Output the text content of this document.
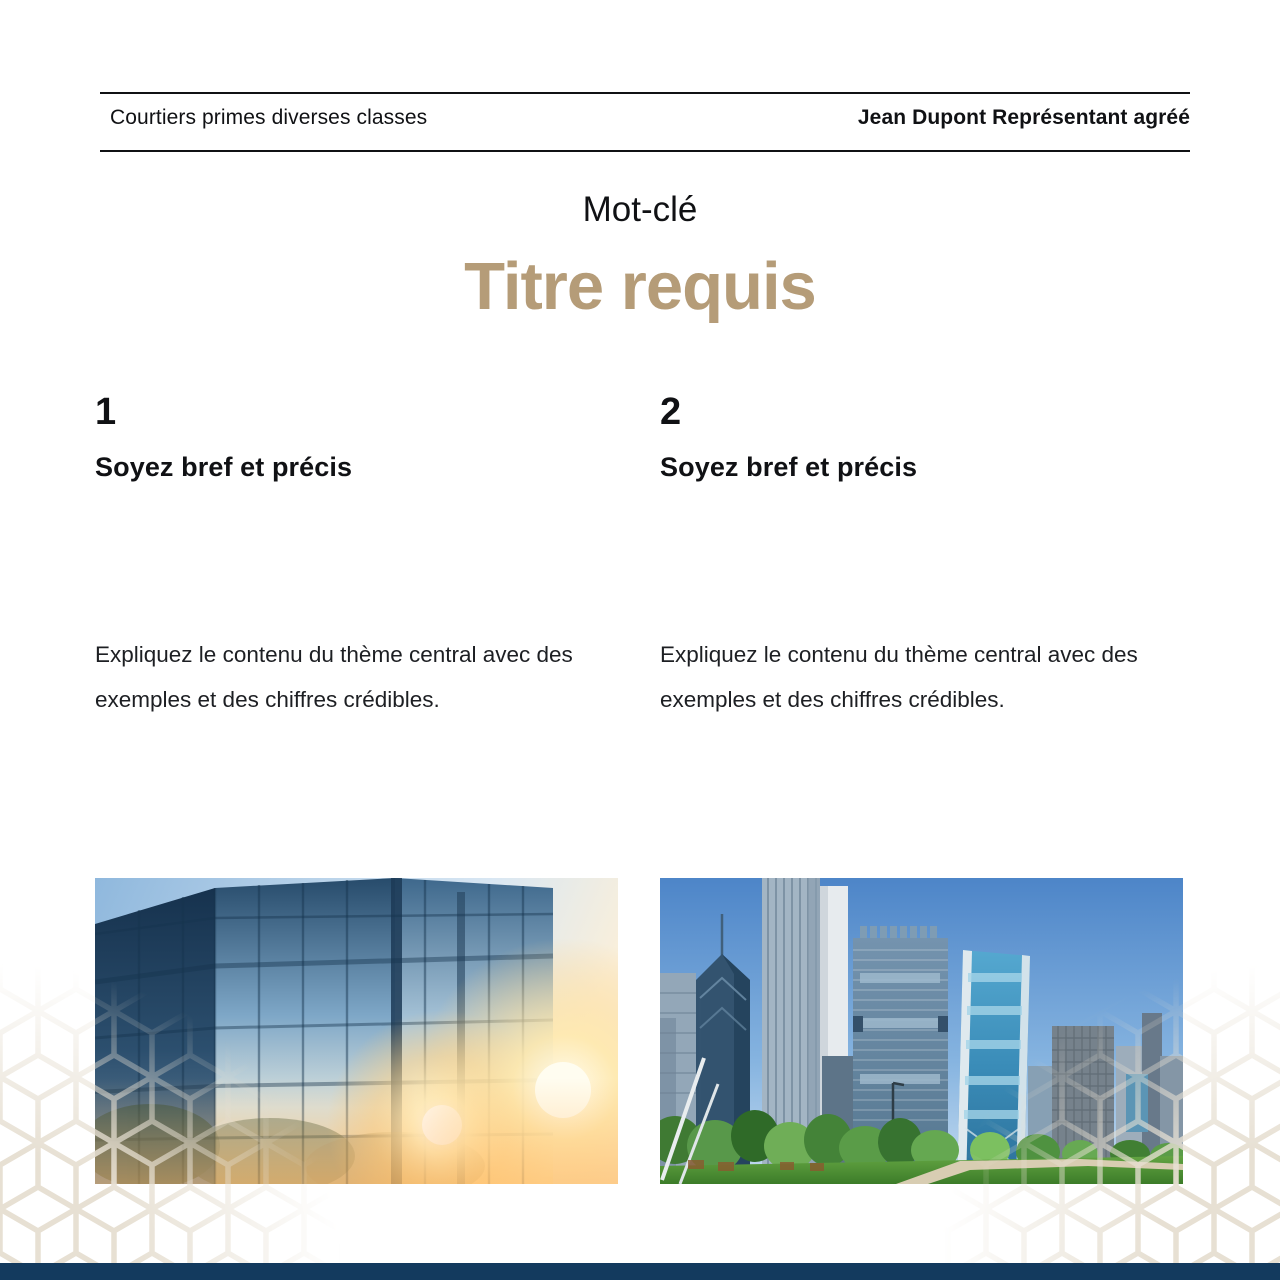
Courtiers primes diverses classes	Jean Dupont Représentant agréé
Mot-clé
Titre requis
1
Soyez bref et précis
Expliquez le contenu du thème central avec des exemples et des chiffres crédibles.
2
Soyez bref et précis
Expliquez le contenu du thème central avec des exemples et des chiffres crédibles.
